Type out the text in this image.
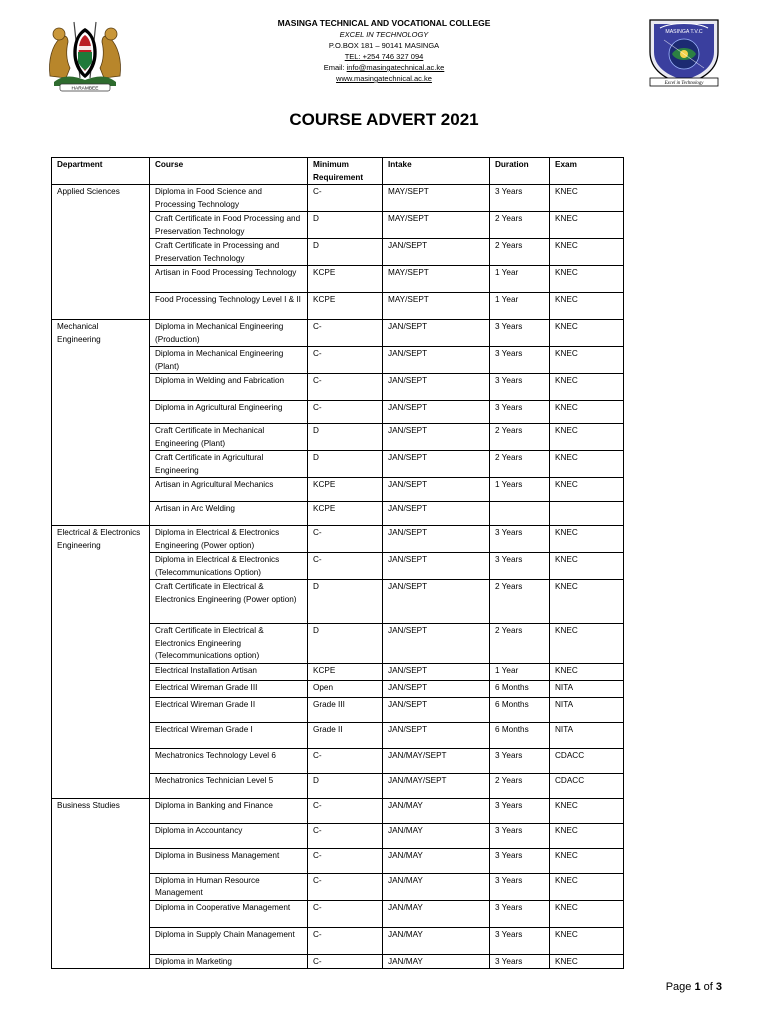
HARAMBEE
MASINGA TECHNICAL AND VOCATIONAL COLLEGE
EXCEL IN TECHNOLOGY
P.O.BOX 181 – 90141 MASINGA
TEL: +254 746 327 094
Email: info@masingatechnical.ac.ke
www.masingatechnical.ac.ke
MASINGA T.V.C
Excel in Technology
COURSE ADVERT 2021
Department	Course	Minimum Requirement	Intake	Duration	Exam
Applied Sciences	Diploma in Food Science and Processing Technology	C-	MAY/SEPT	3 Years	KNEC
	Craft Certificate in Food Processing and Preservation Technology	D	MAY/SEPT	2 Years	KNEC
	Craft Certificate in Processing and Preservation Technology	D	JAN/SEPT	2 Years	KNEC
	Artisan in Food Processing Technology	KCPE	MAY/SEPT	1 Year	KNEC
	Food Processing Technology Level I & II	KCPE	MAY/SEPT	1 Year	KNEC
Mechanical Engineering	Diploma in Mechanical Engineering (Production)	C-	JAN/SEPT	3 Years	KNEC
	Diploma in Mechanical Engineering (Plant)	C-	JAN/SEPT	3 Years	KNEC
	Diploma in Welding and Fabrication	C-	JAN/SEPT	3 Years	KNEC
	Diploma in Agricultural Engineering	C-	JAN/SEPT	3 Years	KNEC
	Craft Certificate in Mechanical Engineering (Plant)	D	JAN/SEPT	2 Years	KNEC
	Craft Certificate in Agricultural Engineering	D	JAN/SEPT	2 Years	KNEC
	Artisan in Agricultural Mechanics	KCPE	JAN/SEPT	1 Years	KNEC
	Artisan in Arc Welding	KCPE	JAN/SEPT		
Electrical & Electronics Engineering	Diploma in Electrical & Electronics Engineering (Power option)	C-	JAN/SEPT	3 Years	KNEC
	Diploma in Electrical & Electronics (Telecommunications Option)	C-	JAN/SEPT	3 Years	KNEC
	Craft Certificate in Electrical & Electronics Engineering (Power option)	D	JAN/SEPT	2 Years	KNEC
	Craft Certificate in Electrical & Electronics Engineering (Telecommunications option)	D	JAN/SEPT	2 Years	KNEC
	Electrical Installation Artisan	KCPE	JAN/SEPT	1 Year	KNEC
	Electrical Wireman Grade III	Open	JAN/SEPT	6 Months	NITA
	Electrical Wireman Grade II	Grade III	JAN/SEPT	6 Months	NITA
	Electrical Wireman Grade I	Grade II	JAN/SEPT	6 Months	NITA
	Mechatronics Technology Level 6	C-	JAN/MAY/SEPT	3 Years	CDACC
	Mechatronics Technician Level 5	D	JAN/MAY/SEPT	2 Years	CDACC
Business Studies	Diploma in Banking and Finance	C-	JAN/MAY	3 Years	KNEC
	Diploma in Accountancy	C-	JAN/MAY	3 Years	KNEC
	Diploma in Business Management	C-	JAN/MAY	3 Years	KNEC
	Diploma in Human Resource Management	C-	JAN/MAY	3 Years	KNEC
	Diploma in Cooperative Management	C-	JAN/MAY	3 Years	KNEC
	Diploma in Supply Chain Management	C-	JAN/MAY	3 Years	KNEC
	Diploma in Marketing	C-	JAN/MAY	3 Years	KNEC
Page 1 of 3
